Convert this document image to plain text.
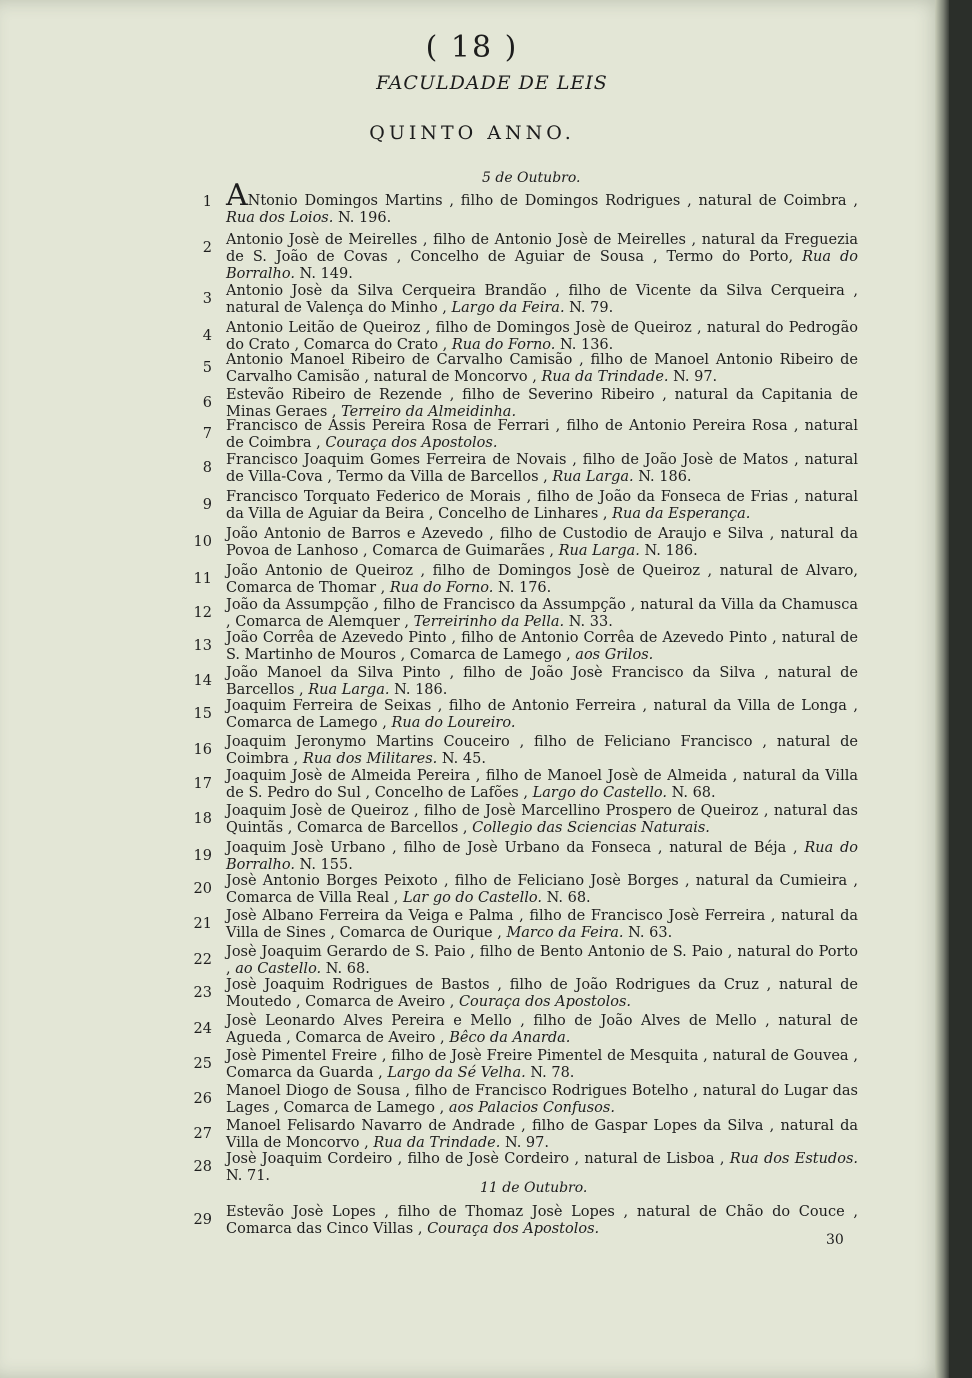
( 18 )
FACULDADE DE LEIS
QUINTO ANNO.
5 de Outubro.
11 de Outubro.
1 ANtonio Domingos Martins , filho de Domingos Rodrigues , natural de Coimbra , Rua dos Loios. N. 196.
2 Antonio Josè de Meirelles , filho de Antonio Josè de Meirelles , natural da Freguezia de S. João de Covas , Concelho de Aguiar de Sousa , Termo do Porto, Rua do Borralho. N. 149.
3 Antonio Josè da Silva Cerqueira Brandão , filho de Vicente da Silva Cerqueira , natural de Valença do Minho , Largo da Feira. N. 79.
4 Antonio Leitão de Queiroz , filho de Domingos Josè de Queiroz , natural do Pedrogão do Crato , Comarca do Crato , Rua do Forno. N. 136.
5 Antonio Manoel Ribeiro de Carvalho Camisão , filho de Manoel Antonio Ribeiro de Carvalho Camisão , natural de Moncorvo , Rua da Trindade. N. 97.
6 Estevão Ribeiro de Rezende , filho de Severino Ribeiro , natural da Capitania de Minas Geraes , Terreiro da Almeidinha.
7 Francisco de Assis Pereira Rosa de Ferrari , filho de Antonio Pereira Rosa , natural de Coimbra , Couraça dos Apostolos.
8 Francisco Joaquim Gomes Ferreira de Novais , filho de João Josè de Matos , natural de Villa-Cova , Termo da Villa de Barcellos , Rua Larga. N. 186.
9 Francisco Torquato Federico de Morais , filho de João da Fonseca de Frias , natural da Villa de Aguiar da Beira , Concelho de Linhares , Rua da Esperança.
10 João Antonio de Barros e Azevedo , filho de Custodio de Araujo e Silva , natural da Povoa de Lanhoso , Comarca de Guimarães , Rua Larga. N. 186.
11 João Antonio de Queiroz , filho de Domingos Josè de Queiroz , natural de Alvaro, Comarca de Thomar , Rua do Forno. N. 176.
12 João da Assumpção , filho de Francisco da Assumpção , natural da Villa da Chamusca , Comarca de Alemquer , Terreirinho da Pella. N. 33.
13 João Corrêa de Azevedo Pinto , filho de Antonio Corrêa de Azevedo Pinto , natural de S. Martinho de Mouros , Comarca de Lamego , aos Grilos.
14 João Manoel da Silva Pinto , filho de João Josè Francisco da Silva , natural de Barcellos , Rua Larga. N. 186.
15 Joaquim Ferreira de Seixas , filho de Antonio Ferreira , natural da Villa de Longa , Comarca de Lamego , Rua do Loureiro.
16 Joaquim Jeronymo Martins Couceiro , filho de Feliciano Francisco , natural de Coimbra , Rua dos Militares. N. 45.
17 Joaquim Josè de Almeida Pereira , filho de Manoel Josè de Almeida , natural da Villa de S. Pedro do Sul , Concelho de Lafões , Largo do Castello. N. 68.
18 Joaquim Josè de Queiroz , filho de Josè Marcellino Prospero de Queiroz , natural das Quintãs , Comarca de Barcellos , Collegio das Sciencias Naturais.
19 Joaquim Josè Urbano , filho de Josè Urbano da Fonseca , natural de Béja , Rua do Borralho. N. 155.
20 Josè Antonio Borges Peixoto , filho de Feliciano Josè Borges , natural da Cumieira , Comarca de Villa Real , Lar go do Castello. N. 68.
21 Josè Albano Ferreira da Veiga e Palma , filho de Francisco Josè Ferreira , natural da Villa de Sines , Comarca de Ourique , Marco da Feira. N. 63.
22 Josè Joaquim Gerardo de S. Paio , filho de Bento Antonio de S. Paio , natural do Porto , ao Castello. N. 68.
23 Josè Joaquim Rodrigues de Bastos , filho de João Rodrigues da Cruz , natural de Moutedo , Comarca de Aveiro , Couraça dos Apostolos.
24 Josè Leonardo Alves Pereira e Mello , filho de João Alves de Mello , natural de Agueda , Comarca de Aveiro , Bêco da Anarda.
25 Josè Pimentel Freire , filho de Josè Freire Pimentel de Mesquita , natural de Gouvea , Comarca da Guarda , Largo da Sé Velha. N. 78.
26 Manoel Diogo de Sousa , filho de Francisco Rodrigues Botelho , natural do Lugar das Lages , Comarca de Lamego , aos Palacios Confusos.
27 Manoel Felisardo Navarro de Andrade , filho de Gaspar Lopes da Silva , natural da Villa de Moncorvo , Rua da Trindade. N. 97.
28 Josè Joaquim Cordeiro , filho de Josè Cordeiro , natural de Lisboa , Rua dos Estudos. N. 71.
29 Estevão Josè Lopes , filho de Thomaz Josè Lopes , natural de Chão do Couce , Comarca das Cinco Villas , Couraça dos Apostolos.
30
